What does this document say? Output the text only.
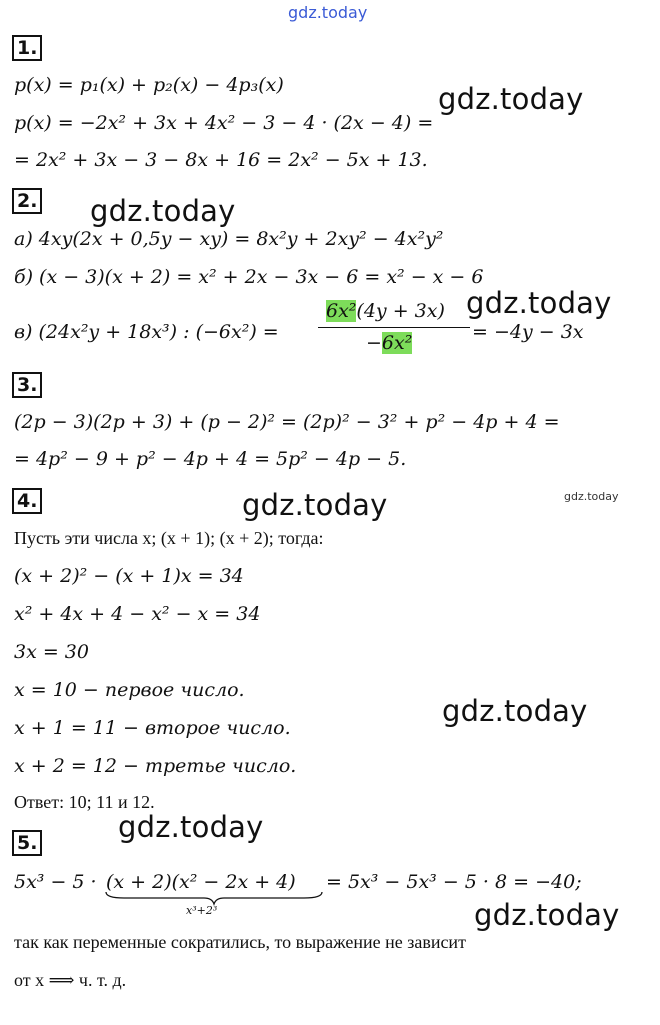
gdz.today
gdz.today
gdz.today
gdz.today
gdz.today	gdz.today
gdz.today
gdz.today
gdz.today
1.
p(x) = p₁(x) + p₂(x) − 4p₃(x)
p(x) = −2x² + 3x + 4x² − 3 − 4 · (2x − 4) =
= 2x² + 3x − 3 − 8x + 16 = 2x² − 5x + 13.
2.
а) 4xy(2x + 0,5y − xy) = 8x²y + 2xy² − 4x²y²
б) (x − 3)(x + 2) = x² + 2x − 3x − 6 = x² − x − 6
в) (24x²y + 18x³) : (−6x²) =
6x²(4y + 3x)
−6x²	= −4y − 3x
3.
(2p − 3)(2p + 3) + (p − 2)² = (2p)² − 3² + p² − 4p + 4 =
= 4p² − 9 + p² − 4p + 4 = 5p² − 4p − 5.
4.
Пусть эти числа x; (x + 1); (x + 2); тогда:
(x + 2)² − (x + 1)x = 34
x² + 4x + 4 − x² − x = 34
3x = 30
x = 10 − первое число.
x + 1 = 11 − второе число.
x + 2 = 12 − третье число.
Ответ: 10; 11 и 12.
5.
5x³ − 5 · (x + 2)(x² − 2x + 4) = 5x³ − 5x³ − 5 · 8 = −40;
x³+2³
так как переменные сократились, то выражение не зависит
от x ⟹ ч. т. д.
